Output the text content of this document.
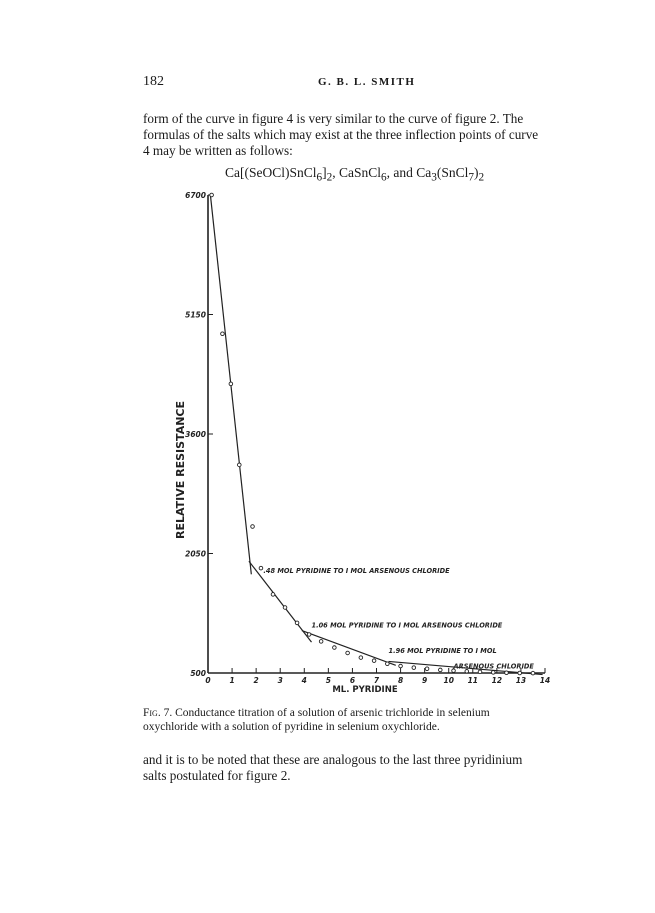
182	G. B. L. SMITH
form of the curve in figure 4 is very similar to the curve of figure 2. The
formulas of the salts which may exist at the three inflection points of curve
4 may be written as follows:
$Ca[(SeOCl)SnCl_6]_2$, CaSnCl$_6$, and $Ca_3(SnCl_7)_2$
0	1	2	3	4	5	6	7	8	9 10 11 12 13 14
6700
5150
3600
2050
500
.48 MOL PYRIDINE TO I MOL ARSENOUS CHLORIDE
1.06 MOL PYRIDINE TO I MOL ARSENOUS CHLORIDE
1.96 MOL PYRIDINE TO I MOL
ARSENOUS CHLORIDE
RELATIVE RESISTANCE
ML. PYRIDINE
Fig. 7. Conductance titration of a solution of arsenic trichloride in selenium
oxychloride with a solution of pyridine in selenium oxychloride.
and it is to be noted that these are analogous to the last three pyridinium
salts postulated for figure 2.
